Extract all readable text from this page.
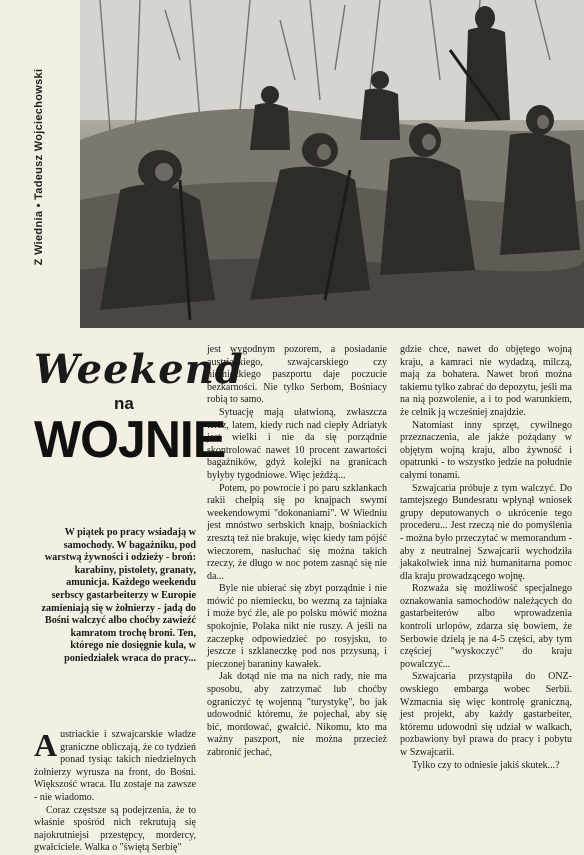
Z Wiednia • Tadeusz Wojciechowski
Weekend
na
WOJNIE
W piątek po pracy wsiadają w samochody. W bagażniku, pod warstwą żywności i odzieży - broń: karabiny, pistolety, granaty, amunicja. Każdego weekendu serbscy gastarbeiterzy w Europie zamieniają się w żołnierzy - jadą do Bośni walczyć albo choćby zawieźć kamratom trochę broni. Ten, którego nie dosięgnie kula, w poniedziałek wraca do pracy...

Austriackie i szwajcarskie władze graniczne obliczają, że co tydzień ponad tysiąc takich niedzielnych żołnierzy wyrusza na front, do Bośni. Większość wraca. Ilu zostaje na zawsze - nie wiadomo.

Coraz częstsze są podejrzenia, że to właśnie spośród nich rekrutują się najokrutniejsi przestępcy, mordercy, gwałciciele. Walka o "świętą Serbię"

jest wygodnym pozorem, a posiadanie austriackiego, szwajcarskiego czy niemieckiego paszportu daje poczucie bezkarności. Nie tylko Serbom, Bośniacy robią to samo.

Sytuację mają ułatwioną, zwłaszcza teraz, latem, kiedy ruch nad ciepły Adriatyk jest wielki i nie da się porządnie skontrolować nawet 10 procent zawartości bagażników, gdyż kolejki na granicach byłyby tygodniowe. Więc jeżdżą...

Potem, po powrocie i po paru szklankach rakii chełpią się po knajpach swymi weekendowymi "dokonaniami". W Wiedniu jest mnóstwo serbskich knajp, bośniackich zresztą też nie brakuje, więc kiedy tam pójść wieczorem, nasłuchać się można takich rzeczy, że długo w noc potem zasnąć się nie da...

Byle nie ubierać się zbyt porządnie i nie mówić po niemiecku, bo wezmą za tajniaka i może być źle, ale po polsku mówić można spokojnie, Polaka nikt nie ruszy. A jeśli na zaczepkę odpowiedzieć po rosyjsku, to jeszcze i szklaneczkę pod nos przysuną, i pieczonej baraniny kawałek.

Jak dotąd nie ma na nich rady, nie ma sposobu, aby zatrzymać lub choćby ograniczyć tę wojenną "turystykę", bo jak udowodnić któremu, że pojechał, aby się bić, mordować, gwałcić. Nikomu, kto ma ważny paszport, nie można przecież zabronić jechać,

gdzie chce, nawet do objętego wojną kraju, a kamraci nie wydadzą, milczą, mają za bohatera. Nawet broń można takiemu tylko zabrać do depozytu, jeśli ma na nią pozwolenie, a i to pod warunkiem, że celnik ją wcześniej znajdzie.

Natomiast inny sprzęt, cywilnego przeznaczenia, ale jakże pożądany w objętym wojną kraju, albo żywność i opatrunki - to wszystko jedzie na południe całymi tonami.

Szwajcaria próbuje z tym walczyć. Do tamtejszego Bundesratu wpłynął wniosek grupy deputowanych o ukrócenie tego procederu... Jest rzeczą nie do pomyślenia - można było przeczytać w memorandum - aby z neutralnej Szwajcarii wychodziła jakakolwiek inna niż humanitarna pomoc dla kraju prowadzącego wojnę.

Rozważa się możliwość specjalnego oznakowania samochodów należących do gastarbeiterów albo wprowadzenia kontroli urlopów, zdarza się bowiem, że Serbowie dzielą je na 4-5 części, aby tym częściej "wyskoczyć" do kraju powalczyć...

Szwajcaria przystąpiła do ONZ-owskiego embarga wobec Serbii. Wzmacnia się więc kontrolę graniczną, jest projekt, aby każdy gastarbeiter, któremu udowodni się udział w walkach, pozbawiony był prawa do pracy i pobytu w Szwajcarii.

Tylko czy to odniesie jakiś skutek...?
